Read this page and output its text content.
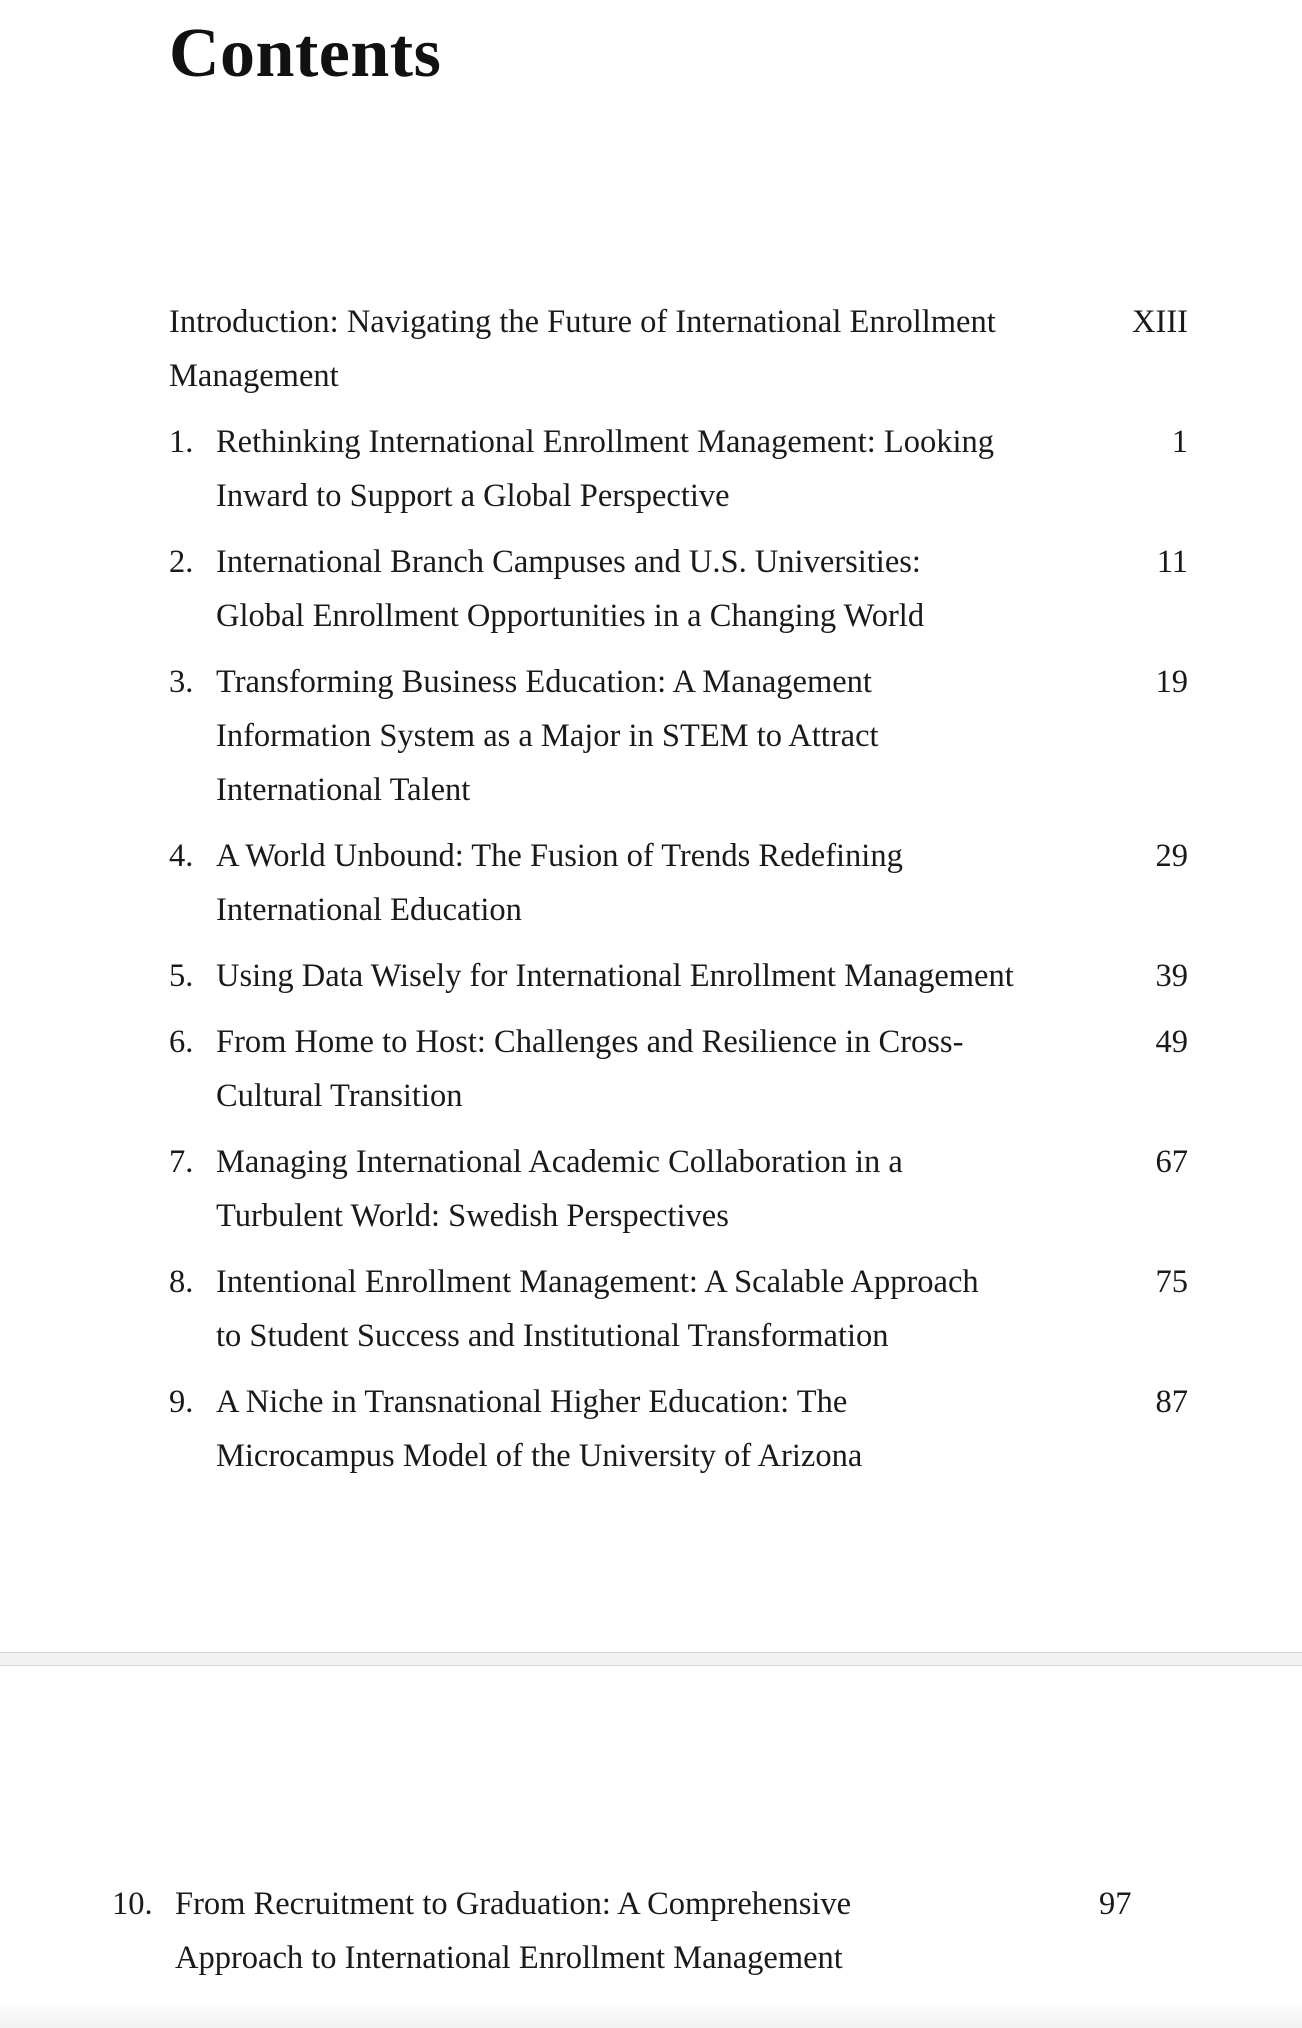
Contents
Introduction: Navigating the Future of International Enrollment Management
XIII
1. Rethinking International Enrollment Management: Looking Inward to Support a Global Perspective
1
2. International Branch Campuses and U.S. Universities: Global Enrollment Opportunities in a Changing World
11
3. Transforming Business Education: A Management Information System as a Major in STEM to Attract International Talent
19
4. A World Unbound: The Fusion of Trends Redefining International Education
29
5. Using Data Wisely for International Enrollment Management	39
6. From Home to Host: Challenges and Resilience in Cross-Cultural Transition
49
7. Managing International Academic Collaboration in a Turbulent World: Swedish Perspectives
67
8. Intentional Enrollment Management: A Scalable Approach to Student Success and Institutional Transformation
75
9. A Niche in Transnational Higher Education: The Microcampus Model of the University of Arizona
87
10. From Recruitment to Graduation: A Comprehensive Approach to International Enrollment Management
97
